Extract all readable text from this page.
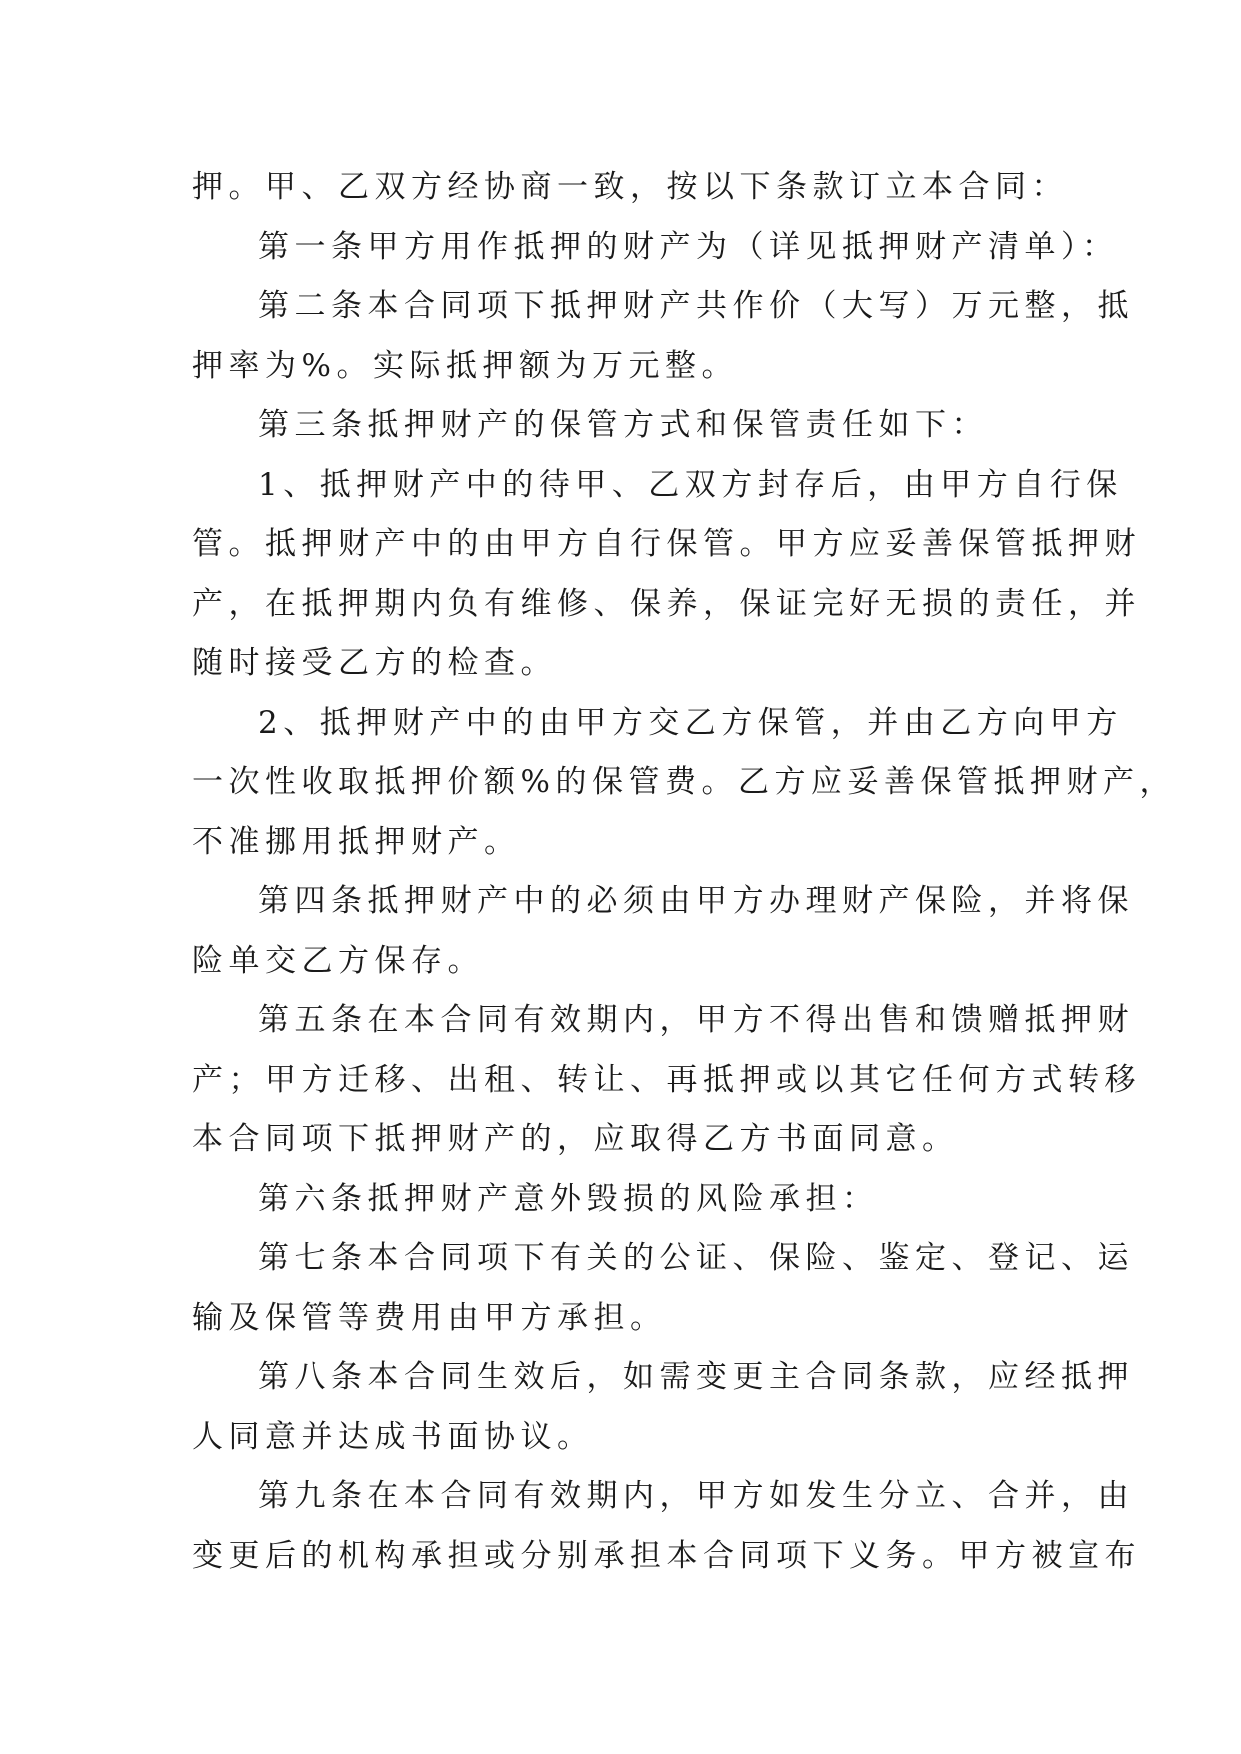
押。甲、乙双方经协商一致，按以下条款订立本合同：
第一条甲方用作抵押的财产为（详见抵押财产清单）：
第二条本合同项下抵押财产共作价（大写）万元整，抵
押率为%。实际抵押额为万元整。
第三条抵押财产的保管方式和保管责任如下：
1、抵押财产中的待甲、乙双方封存后，由甲方自行保
管。抵押财产中的由甲方自行保管。甲方应妥善保管抵押财
产，在抵押期内负有维修、保养，保证完好无损的责任，并
随时接受乙方的检查。
2、抵押财产中的由甲方交乙方保管，并由乙方向甲方
一次性收取抵押价额%的保管费。乙方应妥善保管抵押财产，
不准挪用抵押财产。
第四条抵押财产中的必须由甲方办理财产保险，并将保
险单交乙方保存。
第五条在本合同有效期内，甲方不得出售和馈赠抵押财
产；甲方迁移、出租、转让、再抵押或以其它任何方式转移
本合同项下抵押财产的，应取得乙方书面同意。
第六条抵押财产意外毁损的风险承担：
第七条本合同项下有关的公证、保险、鉴定、登记、运
输及保管等费用由甲方承担。
第八条本合同生效后，如需变更主合同条款，应经抵押
人同意并达成书面协议。
第九条在本合同有效期内，甲方如发生分立、合并，由
变更后的机构承担或分别承担本合同项下义务。甲方被宣布
